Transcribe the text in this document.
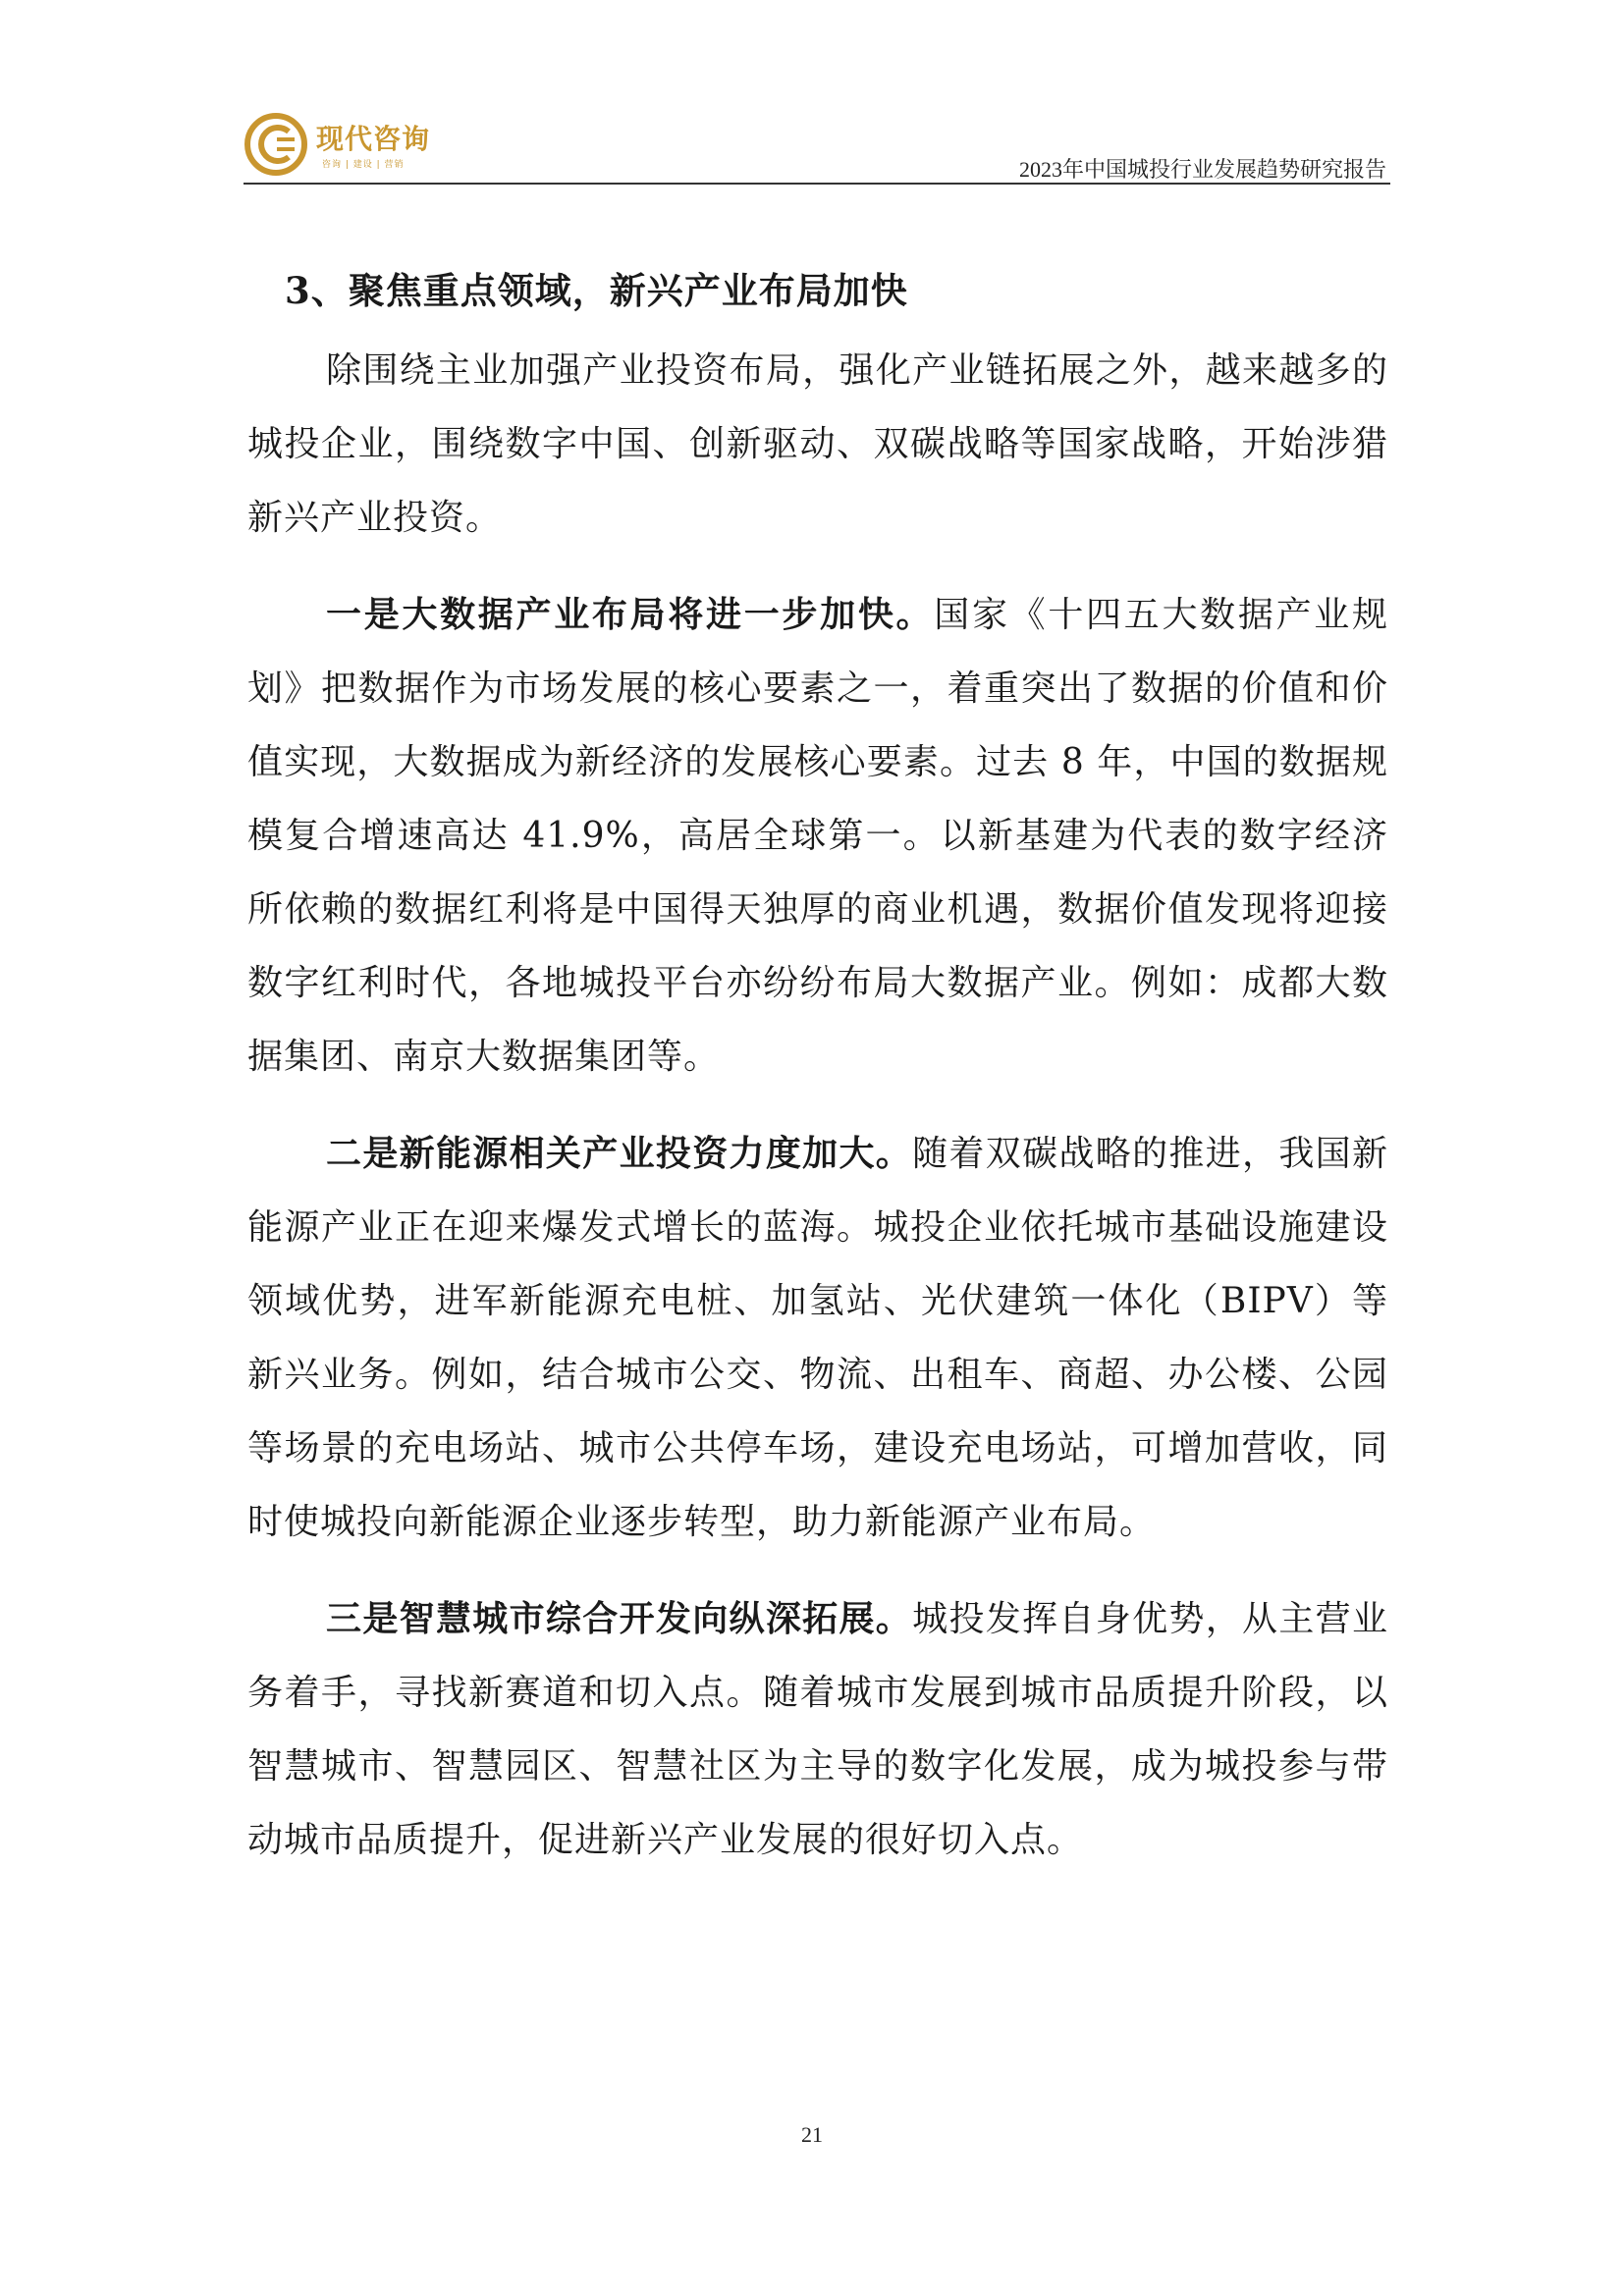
现代咨询
咨询 | 建设 | 营销	2023年中国城投行业发展趋势研究报告
3、聚焦重点领域，新兴产业布局加快

除围绕主业加强产业投资布局，强化产业链拓展之外，越来越多的城投企业，围绕数字中国、创新驱动、双碳战略等国家战略，开始涉猎新兴产业投资。

一是大数据产业布局将进一步加快。国家《十四五大数据产业规划》把数据作为市场发展的核心要素之一，着重突出了数据的价值和价值实现，大数据成为新经济的发展核心要素。过去 8 年，中国的数据规模复合增速高达 41.9%，高居全球第一。以新基建为代表的数字经济所依赖的数据红利将是中国得天独厚的商业机遇，数据价值发现将迎接数字红利时代，各地城投平台亦纷纷布局大数据产业。例如：成都大数据集团、南京大数据集团等。

二是新能源相关产业投资力度加大。随着双碳战略的推进，我国新能源产业正在迎来爆发式增长的蓝海。城投企业依托城市基础设施建设领域优势，进军新能源充电桩、加氢站、光伏建筑一体化（BIPV）等新兴业务。例如，结合城市公交、物流、出租车、商超、办公楼、公园等场景的充电场站、城市公共停车场，建设充电场站，可增加营收，同时使城投向新能源企业逐步转型，助力新能源产业布局。

三是智慧城市综合开发向纵深拓展。城投发挥自身优势，从主营业务着手，寻找新赛道和切入点。随着城市发展到城市品质提升阶段，以智慧城市、智慧园区、智慧社区为主导的数字化发展，成为城投参与带动城市品质提升，促进新兴产业发展的很好切入点。

21
